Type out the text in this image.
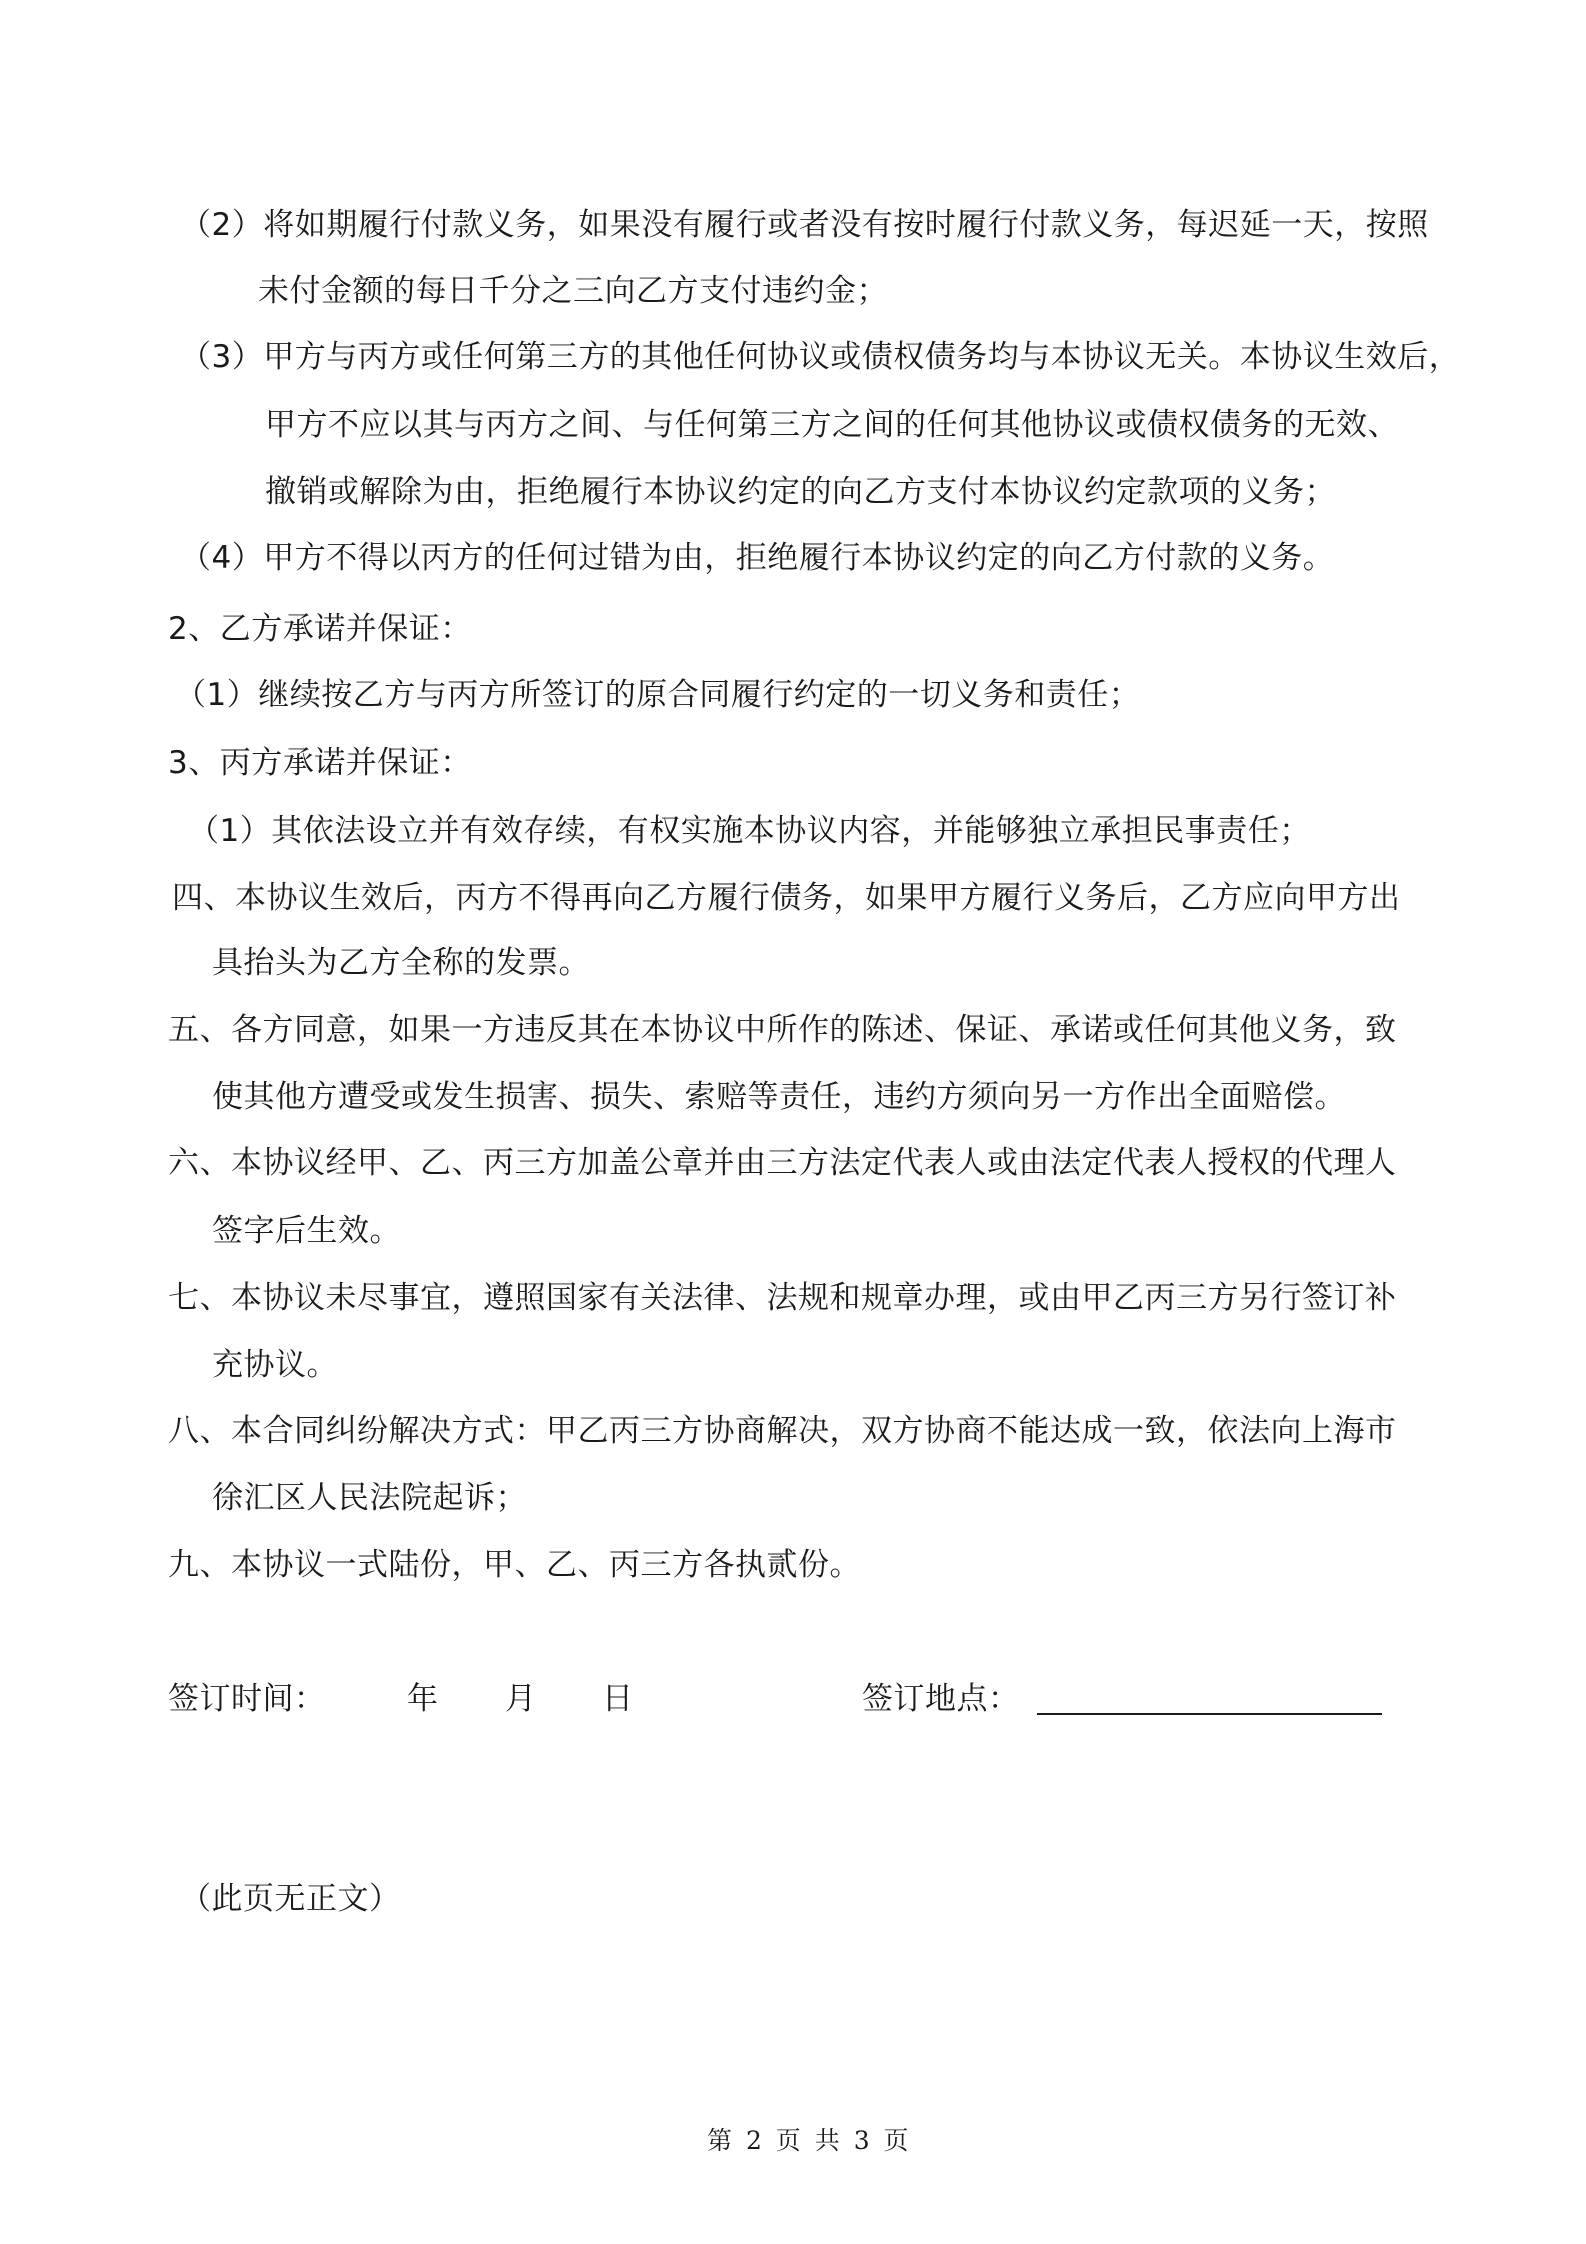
（2）将如期履行付款义务，如果没有履行或者没有按时履行付款义务，每迟延一天，按照
未付金额的每日千分之三向乙方支付违约金；
（3）甲方与丙方或任何第三方的其他任何协议或债权债务均与本协议无关。本协议生效后，
甲方不应以其与丙方之间、与任何第三方之间的任何其他协议或债权债务的无效、
撤销或解除为由，拒绝履行本协议约定的向乙方支付本协议约定款项的义务；
（4）甲方不得以丙方的任何过错为由，拒绝履行本协议约定的向乙方付款的义务。
2、乙方承诺并保证：
（1）继续按乙方与丙方所签订的原合同履行约定的一切义务和责任；
3、丙方承诺并保证：
（1）其依法设立并有效存续，有权实施本协议内容，并能够独立承担民事责任；
四、本协议生效后，丙方不得再向乙方履行债务，如果甲方履行义务后，乙方应向甲方出
具抬头为乙方全称的发票。
五、各方同意，如果一方违反其在本协议中所作的陈述、保证、承诺或任何其他义务，致
使其他方遭受或发生损害、损失、索赔等责任，违约方须向另一方作出全面赔偿。
六、本协议经甲、乙、丙三方加盖公章并由三方法定代表人或由法定代表人授权的代理人
签字后生效。
七、本协议未尽事宜，遵照国家有关法律、法规和规章办理，或由甲乙丙三方另行签订补
充协议。
八、本合同纠纷解决方式：甲乙丙三方协商解决，双方协商不能达成一致，依法向上海市
徐汇区人民法院起诉；
九、本协议一式陆份，甲、乙、丙三方各执贰份。
签订时间：	年 月 日	签订地点：
（此页无正文）
第 2 页 共 3 页
